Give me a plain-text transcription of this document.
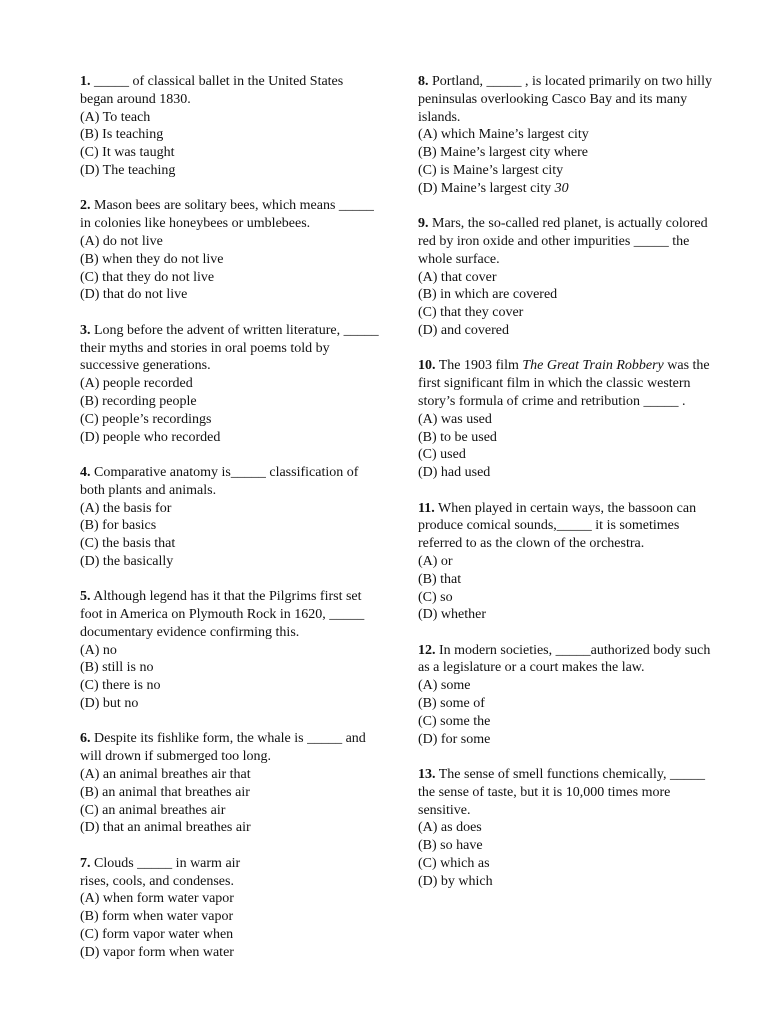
1. _____ of classical ballet in the United States began around 1830.
(A) To teach
(B) Is teaching
(C) It was taught
(D) The teaching
2. Mason bees are solitary bees, which means _____ in colonies like honeybees or umblebees.
(A) do not live
(B) when they do not live
(C) that they do not live
(D) that do not live
3. Long before the advent of written literature, _____ their myths and stories in oral poems told by successive generations.
(A) people recorded
(B) recording people
(C) people’s recordings
(D) people who recorded
4. Comparative anatomy is_____ classification of both plants and animals.
(A) the basis for
(B) for basics
(C) the basis that
(D) the basically
5. Although legend has it that the Pilgrims first set foot in America on Plymouth Rock in 1620, _____ documentary evidence confirming this.
(A) no
(B) still is no
(C) there is no
(D) but no
6. Despite its fishlike form, the whale is _____ and will drown if submerged too long.
(A) an animal breathes air that
(B) an animal that breathes air
(C) an animal breathes air
(D) that an animal breathes air
7. Clouds _____ in warm air
rises, cools, and condenses.
(A) when form water vapor
(B) form when water vapor
(C) form vapor water when
(D) vapor form when water
8. Portland, _____ , is located primarily on two hilly peninsulas overlooking Casco Bay and its many islands.
(A) which Maine’s largest city
(B) Maine’s largest city where
(C) is Maine’s largest city
(D) Maine’s largest city 30
9. Mars, the so-called red planet, is actually colored red by iron oxide and other impurities _____ the whole surface.
(A) that cover
(B) in which are covered
(C) that they cover
(D) and covered
10. The 1903 film The Great Train Robbery was the first significant film in which the classic western story’s formula of crime and retribution _____ .
(A) was used
(B) to be used
(C) used
(D) had used
11. When played in certain ways, the bassoon can produce comical sounds,_____ it is sometimes referred to as the clown of the orchestra.
(A) or
(B) that
(C) so
(D) whether
12. In modern societies, _____authorized body such as a legislature or a court makes the law.
(A) some
(B) some of
(C) some the
(D) for some
13. The sense of smell functions chemically, _____ the sense of taste, but it is 10,000 times more sensitive.
(A) as does
(B) so have
(C) which as
(D) by which
